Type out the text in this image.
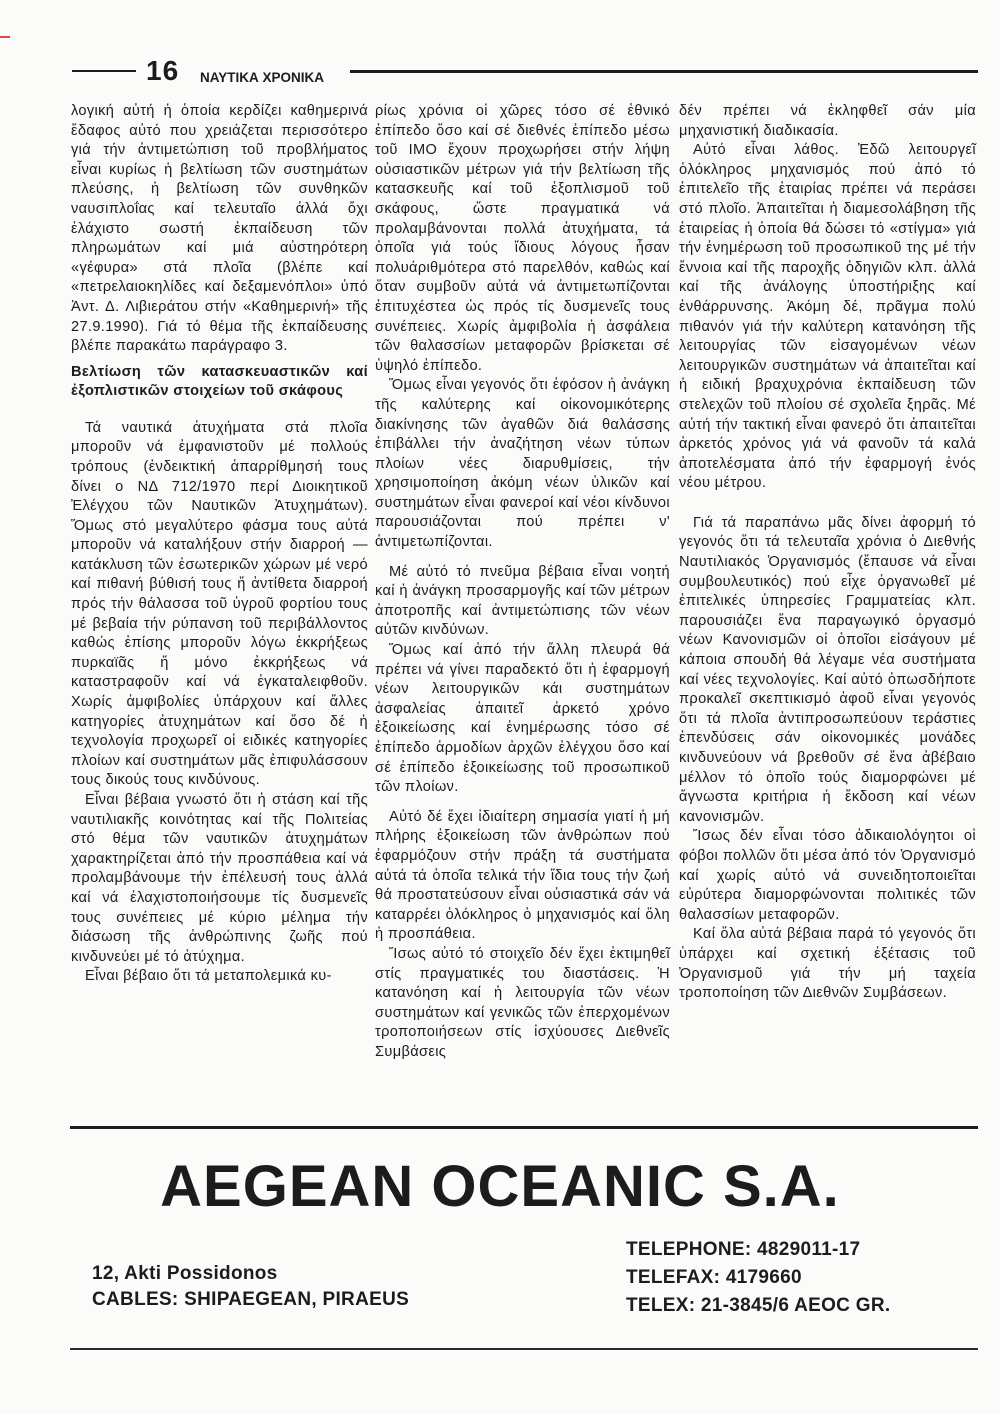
16 ΝΑΥΤΙΚΑ ΧΡΟΝΙΚΑ

λογική αὐτή ἡ ὁποία κερδίζει καθημερινά ἔδαφος αὐτό που χρειάζεται περισσότερο γιά τήν ἀντιμετώπιση τοῦ προβλήματος εἶναι κυρίως ἡ βελτίωση τῶν συστημάτων πλεύσης, ἡ βελτίωση τῶν συνθηκῶν ναυσιπλοΐας καί τελευταῖο ἀλλά ὄχι ἐλάχιστο σωστή ἐκπαίδευση τῶν πληρωμάτων καί μιά αὐστηρότερη «γέφυρα» στά πλοῖα (βλέπε καί «πετρελαιοκηλίδες καί δεξαμενόπλοι» ὑπό Ἀντ. Δ. Λιβιεράτου στήν «Καθημερινή» τῆς 27.9.1990). Γιά τό θέμα τῆς ἐκπαίδευσης βλέπε παρακάτω παράγραφο 3.

Βελτίωση τῶν κατασκευαστικῶν καί ἐξοπλιστικῶν στοιχείων τοῦ σκάφους

Τά ναυτικά ἀτυχήματα στά πλοῖα μποροῦν νά ἐμφανιστοῦν μέ πολλούς τρόπους (ἐνδεικτική ἀπαρρίθμησή τους δίνει ο ΝΔ 712/1970 περί Διοικητικοῦ Ἐλέγχου τῶν Ναυτικῶν Ἀτυχημάτων). Ὅμως στό μεγαλύτερο φάσμα τους αὐτά μποροῦν νά καταλήξουν στήν διαρροή — κατάκλυση τῶν ἐσωτερικῶν χώρων μέ νερό καί πιθανή βύθισή τους ἤ ἀντίθετα διαρροή πρός τήν θάλασσα τοῦ ὑγροῦ φορτίου τους μέ βεβαία τήν ρύπανση τοῦ περιβάλλοντος καθώς ἐπίσης μποροῦν λόγω ἐκκρήξεως πυρκαϊᾶς ἤ μόνο ἐκκρήξεως νά καταστραφοῦν καί νά ἐγκαταλειφθοῦν. Χωρίς ἀμφιβολίες ὑπάρχουν καί ἄλλες κατηγορίες ἀτυχημάτων καί ὅσο δέ ἡ τεχνολογία προχωρεῖ οἱ ειδικές κατηγορίες πλοίων καί συστημάτων μᾶς ἐπιφυλάσσουν τους δικούς τους κινδύνους.

Εἶναι βέβαια γνωστό ὅτι ἡ στάση καί τῆς ναυτιλιακῆς κοινότητας καί τῆς Πολιτείας στό θέμα τῶν ναυτικῶν ἀτυχημάτων χαρακτηρίζεται ἀπό τήν προσπάθεια καί νά προλαμβάνουμε τήν ἐπέλευσή τους ἀλλά καί νά ἐλαχιστοποιήσουμε τίς δυσμενεῖς τους συνέπειες μέ κύριο μέλημα τήν διάσωση τῆς ἀνθρώπινης ζωῆς πού κινδυνεύει μέ τό ἀτύχημα.

Εἶναι βέβαιο ὅτι τά μεταπολεμικά κυ-

ρίως χρόνια οἱ χῶρες τόσο σέ ἐθνικό ἐπίπεδο ὅσο καί σέ διεθνές ἐπίπεδο μέσω τοῦ ΙΜΟ ἔχουν προχωρήσει στήν λήψη οὐσιαστικῶν μέτρων γιά τήν βελτίωση τῆς κατασκευῆς καί τοῦ ἐξοπλισμοῦ τοῦ σκάφους, ὥστε πραγματικά νά προλαμβάνονται πολλά ἀτυχήματα, τά ὁποῖα γιά τούς ἴδιους λόγους ἦσαν πολυάριθμότερα στό παρελθόν, καθώς καί ὅταν συμβοῦν αὐτά νά ἀντιμετωπίζονται ἐπιτυχέστεα ὡς πρός τίς δυσμενεῖς τους συνέπειες. Χωρίς ἀμφιβολία ἡ ἀσφάλεια τῶν θαλασσίων μεταφορῶν βρίσκεται σέ ὑψηλό ἐπίπεδο.

Ὅμως εἶναι γεγονός ὅτι ἐφόσον ἡ ἀνάγκη τῆς καλύτερης καί οἰκονομικότερης διακίνησης τῶν ἀγαθῶν διά θαλάσσης ἐπιβάλλει τήν ἀναζήτηση νέων τύπων πλοίων νέες διαρυθμίσεις, τήν χρησιμοποίηση ἀκόμη νέων ὑλικῶν καί συστημάτων εἶναι φανεροί καί νέοι κίνδυνοι παρουσιάζονται πού πρέπει ν' ἀντιμετωπίζονται.

Μέ αὐτό τό πνεῦμα βέβαια εἶναι νοητή καί ἡ ἀνάγκη προσαρμογῆς καί τῶν μέτρων ἀποτροπῆς καί ἀντιμετώπισης τῶν νέων αὐτῶν κινδύνων.

Ὅμως καί ἀπό τήν ἄλλη πλευρά θά πρέπει νά γίνει παραδεκτό ὅτι ἡ ἐφαρμογή νέων λειτουργικῶν κάι συστημάτων ἀσφαλείας ἀπαιτεῖ ἀρκετό χρόνο ἐξοικείωσης καί ἐνημέρωσης τόσο σέ ἐπίπεδο ἁρμοδίων ἀρχῶν ἐλέγχου ὅσο καί σέ ἐπίπεδο ἐξοικείωσης τοῦ προσωπικοῦ τῶν πλοίων.

Αὐτό δέ ἔχει ἰδιαίτερη σημασία γιατί ἡ μή πλήρης ἐξοικείωση τῶν ἀνθρώπων ποὐ ἐφαρμόζουν στήν πράξη τά συστήματα αὐτά τά ὁποῖα τελικά τήν ἴδια τους τήν ζωή θά προστατεύσουν εἶναι οὐσιαστικά σάν νά καταρρέει ὁλόκληρος ὁ μηχανισμός καί ὅλη ἡ προσπάθεια.

Ἴσως αὐτό τό στοιχεῖο δέν ἔχει ἐκτιμηθεῖ στίς πραγματικές του διαστάσεις. Ἡ κατανόηση καί ἡ λειτουργία τῶν νέων συστημάτων καί γενικῶς τῶν ἐπερχομένων τροποποιήσεων στίς ἰσχύουσες Διεθνεῖς Συμβάσεις

δέν πρέπει νά ἐκληφθεῖ σάν μία μηχανιστική διαδικασία.

Αὐτό εἶναι λάθος. Ἐδῶ λειτουργεῖ ὁλόκληρος μηχανισμός πού ἀπό τό ἐπιτελεῖο τῆς ἑταιρίας πρέπει νά περάσει στό πλοῖο. Ἀπαιτεῖται ἡ διαμεσολάβηση τῆς ἑταιρείας ἡ ὁποία θά δώσει τό «στίγμα» γιά τήν ἐνημέρωση τοῦ προσωπικοῦ της μέ τήν ἔννοια καί τῆς παροχῆς ὁδηγιῶν κλπ. ἀλλά καί τῆς ἀνάλογης ὑποστήριξης καί ἐνθάρρυνσης. Ἀκόμη δέ, πρᾶγμα πολύ πιθανόν γιά τήν καλύτερη κατανόηση τῆς λειτουργίας τῶν εἰσαγομένων νέων λειτουργικῶν συστημάτων νά ἀπαιτεῖται καί ἡ ειδική βραχυχρόνια ἐκπαίδευση τῶν στελεχῶν τοῦ πλοίου σέ σχολεῖα ξηρᾶς. Μέ αὐτή τήν τακτική εἶναι φανερό ὅτι ἀπαιτεῖται ἀρκετός χρόνος γιά νά φανοῦν τά καλά ἀποτελέσματα ἀπό τήν ἐφαρμογή ἑνός νέου μέτρου.

Γιά τά παραπάνω μᾶς δίνει ἀφορμή τό γεγονός ὅτι τά τελευταῖα χρόνια ὁ Διεθνής Ναυτιλιακός Ὀργανισμός (ἔπαυσε νά εἶναι συμβουλευτικός) πού εἶχε ὀργανωθεῖ μέ ἐπιτελικές ὑπηρεσίες Γραμματείας κλπ. παρουσιάζει ἕνα παραγωγικό ὀργασμό νέων Κανονισμῶν οἱ ὁποῖοι εἰσάγουν μέ κάποια σπουδή θά λέγαμε νέα συστήματα καί νέες τεχνολογίες. Καί αὐτό ὁπωσδήποτε προκαλεῖ σκεπτικισμό ἀφοῦ εἶναι γεγονός ὅτι τά πλοῖα ἀντιπροσωπεύουν τεράστιες ἐπενδύσεις σάν οἰκονομικές μονάδες κινδυνεύουν νά βρεθοῦν σέ ἕνα ἀβέβαιο μέλλον τό ὁποῖο τούς διαμορφώνει μέ ἄγνωστα κριτήρια ἡ ἔκδοση καί νέων κανονισμῶν.

Ἴσως δέν εἶναι τόσο ἀδικαιολόγητοι οἱ φόβοι πολλῶν ὅτι μέσα ἀπό τόν Ὀργανισμό καί χωρίς αὐτό νά συνειδητοποιεῖται εὐρύτερα διαμορφώνονται πολιτικές τῶν θαλασσίων μεταφορῶν.

Καί ὅλα αὐτά βέβαια παρά τό γεγονός ὅτι ὑπάρχει καί σχετική ἐξέτασις τοῦ Ὀργανισμοῦ γιά τήν μή ταχεία τροποποίηση τῶν Διεθνῶν Συμβάσεων.

AEGEAN OCEANIC S.A.
12, Akti Possidonos
CABLES: SHIPAEGEAN, PIRAEUS
TELEPHONE: 4829011-17
TELEFAX: 4179660
TELEX: 21-3845/6 AEOC GR.
